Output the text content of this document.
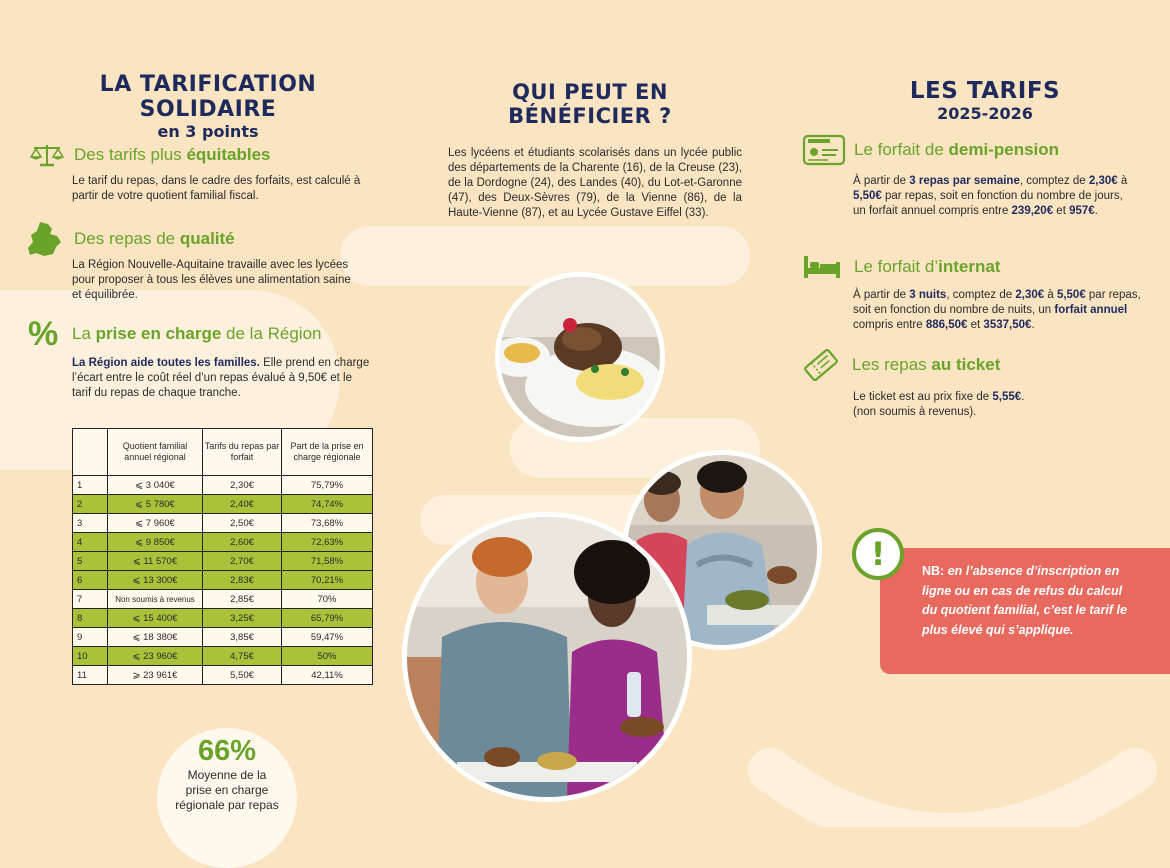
LA TARIFICATION SOLIDAIRE
en 3 points
Des tarifs plus équitables
Le tarif du repas, dans le cadre des forfaits, est calculé à partir de votre quotient familial fiscal.
Des repas de qualité
La Région Nouvelle-Aquitaine travaille avec les lycées pour proposer à tous les élèves une alimentation saine et équilibrée.
% La prise en charge de la Région
La Région aide toutes les familles. Elle prend en charge l’écart entre le coût réel d’un repas évalué à 9,50€ et le tarif du repas de chaque tranche.
	Quotient familial annuel régional	Tarifs du repas par forfait	Part de la prise en charge régionale
1	⩽ 3 040€	2,30€	75,79%
2	⩽ 5 780€	2,40€	74,74%
3	⩽ 7 960€	2,50€	73,68%
4	⩽ 9 850€	2,60€	72,63%
5	⩽ 11 570€	2,70€	71,58%
6	⩽ 13 300€	2,83€	70,21%
7	Non soumis à revenus	2,85€	70%
8	⩽ 15 400€	3,25€	65,79%
9	⩽ 18 380€	3,85€	59,47%
10	⩽ 23 960€	4,75€	50%
11	⩾ 23 961€	5,50€	42,11%
66%
Moyenne de la prise en charge régionale par repas
QUI PEUT EN BÉNÉFICIER ?
Les lycéens et étudiants scolarisés dans un lycée public des départements de la Charente (16), de la Creuse (23), de la Dordogne (24), des Landes (40), du Lot-et-Garonne (47), des Deux-Sèvres (79), de la Vienne (86), de la Haute-Vienne (87), et au Lycée Gustave Eiffel (33).
LES TARIFS
2025-2026
Le forfait de demi-pension
À partir de 3 repas par semaine, comptez de 2,30€ à 5,50€ par repas, soit en fonction du nombre de jours, un forfait annuel compris entre 239,20€ et 957€.
Le forfait d’internat
À partir de 3 nuits, comptez de 2,30€ à 5,50€ par repas, soit en fonction du nombre de nuits, un forfait annuel compris entre 886,50€ et 3537,50€.
Les repas au ticket
Le ticket est au prix fixe de 5,55€.
(non soumis à revenus).
!	NB: en l’absence d’inscription en ligne ou en cas de refus du calcul du quotient familial, c’est le tarif le plus élevé qui s’applique.
